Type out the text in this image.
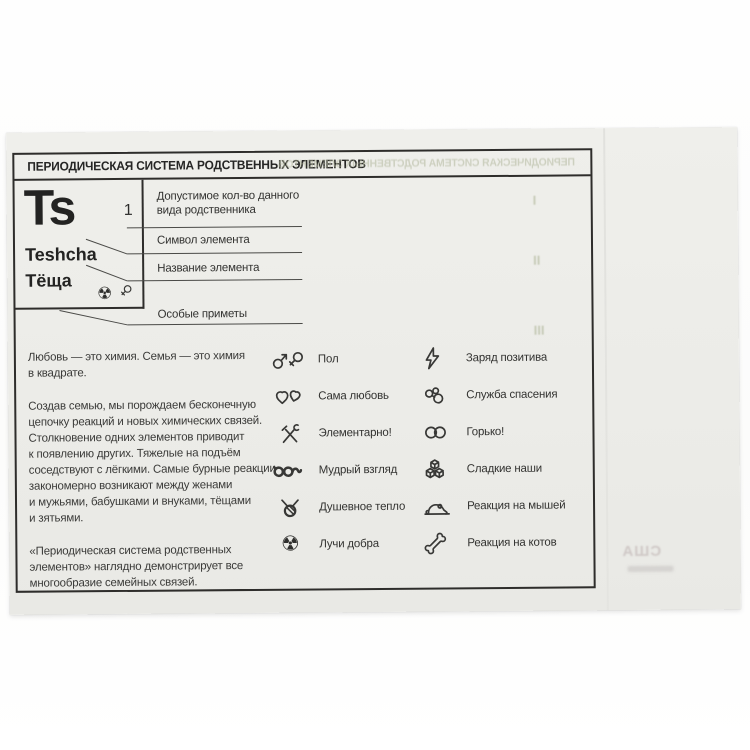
США
ПЕРИОДИЧЕСКАЯ СИСТЕМА РОДСТВЕННЫХ ЭЛЕМЕНТОВ
ПЕРИОДИЧЕСКАЯ СИСТЕМА РОДСТВЕННЫХ ЭЛЕМЕНТОВ
I
II
III
Ts	1
Teshcha
Тёща
☢
Допустимое кол-во данного
вида родственника
Символ элемента
Название элемента
Особые приметы
Любовь — это химия. Семья — это химия
в квадрате.
Создав семью, мы порождаем бесконечную
цепочку реакций и новых химических связей.
Столкновение одних элементов приводит
к появлению других. Тяжелые на подъём
соседствуют с лёгкими. Самые бурные реакции
закономерно возникают между женами
и мужьями, бабушками и внуками, тёщами
и зятьями.
«Периодическая система родственных
элементов» наглядно демонстрирует все
многообразие семейных связей.
Пол
Сама любовь
Элементарно!
Мудрый взгляд
Душевное тепло
☢	Лучи добра
Заряд позитива
Служба спасения
Горько!
Сладкие наши
Реакция на мышей
Реакция на котов
